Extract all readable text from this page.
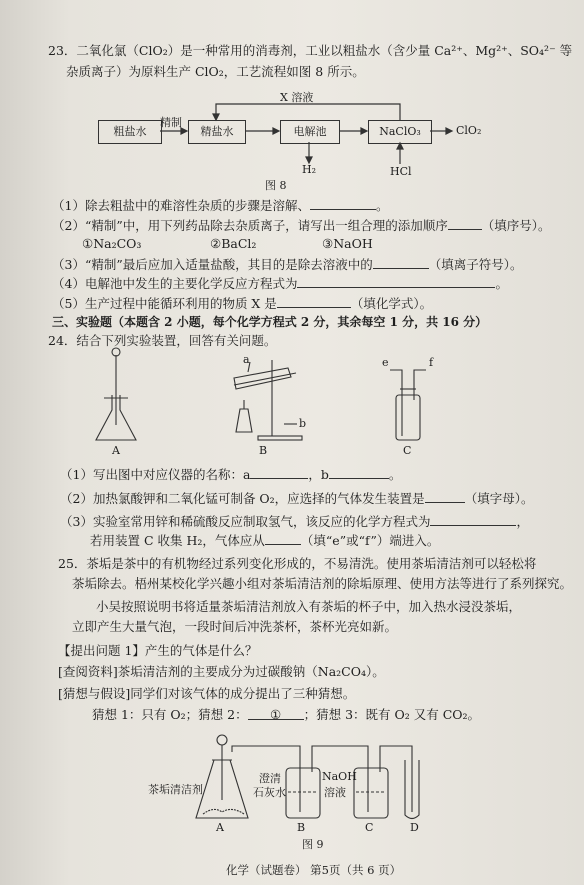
23．二氧化氯（ClO₂）是一种常用的消毒剂，工业以粗盐水（含少量 Ca²⁺、Mg²⁺、SO₄²⁻ 等
杂质离子）为原料生产 ClO₂，工艺流程如图 8 所示。
粗盐水
精制
精盐水	电解池	NaClO₃	ClO₂
X 溶液
H₂	HCl
图 8
（1）除去粗盐中的难溶性杂质的步骤是溶解、	。
（2）“精制”中，用下列药品除去杂质离子，请写出一组合理的添加顺序	（填序号）。
①Na₂CO₃	②BaCl₂	③NaOH
（3）“精制”最后应加入适量盐酸，其目的是除去溶液中的	（填离子符号）。
（4）电解池中发生的主要化学反应方程式为	。
（5）生产过程中能循环利用的物质 X 是	（填化学式）。
三、实验题（本题含 2 小题，每个化学方程式 2 分，其余每空 1 分，共 16 分）
24．结合下列实验装置，回答有关问题。
A	B	C
a
b
e	f
（1）写出图中对应仪器的名称：a	，b	。
（2）加热氯酸钾和二氧化锰可制备 O₂，应选择的气体发生装置是	（填字母）。
（3）实验室常用锌和稀硫酸反应制取氢气，该反应的化学方程式为	，
若用装置 C 收集 H₂，气体应从	（填“e”或“f”）端进入。
25．茶垢是茶中的有机物经过系列变化形成的，不易清洗。使用茶垢清洁剂可以轻松将
茶垢除去。梧州某校化学兴趣小组对茶垢清洁剂的除垢原理、使用方法等进行了系列探究。
小吴按照说明书将适量茶垢清洁剂放入有茶垢的杯子中，加入热水浸没茶垢，
立即产生大量气泡，一段时间后冲洗茶杯，茶杯光亮如新。
【提出问题 1】产生的气体是什么？
[查阅资料]茶垢清洁剂的主要成分为过碳酸钠（Na₂CO₄）。
[猜想与假设]同学们对该气体的成分提出了三种猜想。
猜想 1：只有 O₂；猜想 2： ① ；猜想 3：既有 O₂ 又有 CO₂。
茶垢清洁剂
澄清
石灰水
NaOH
溶液
A	B	C	D
图 9
化学（试题卷） 第5页（共 6 页）
